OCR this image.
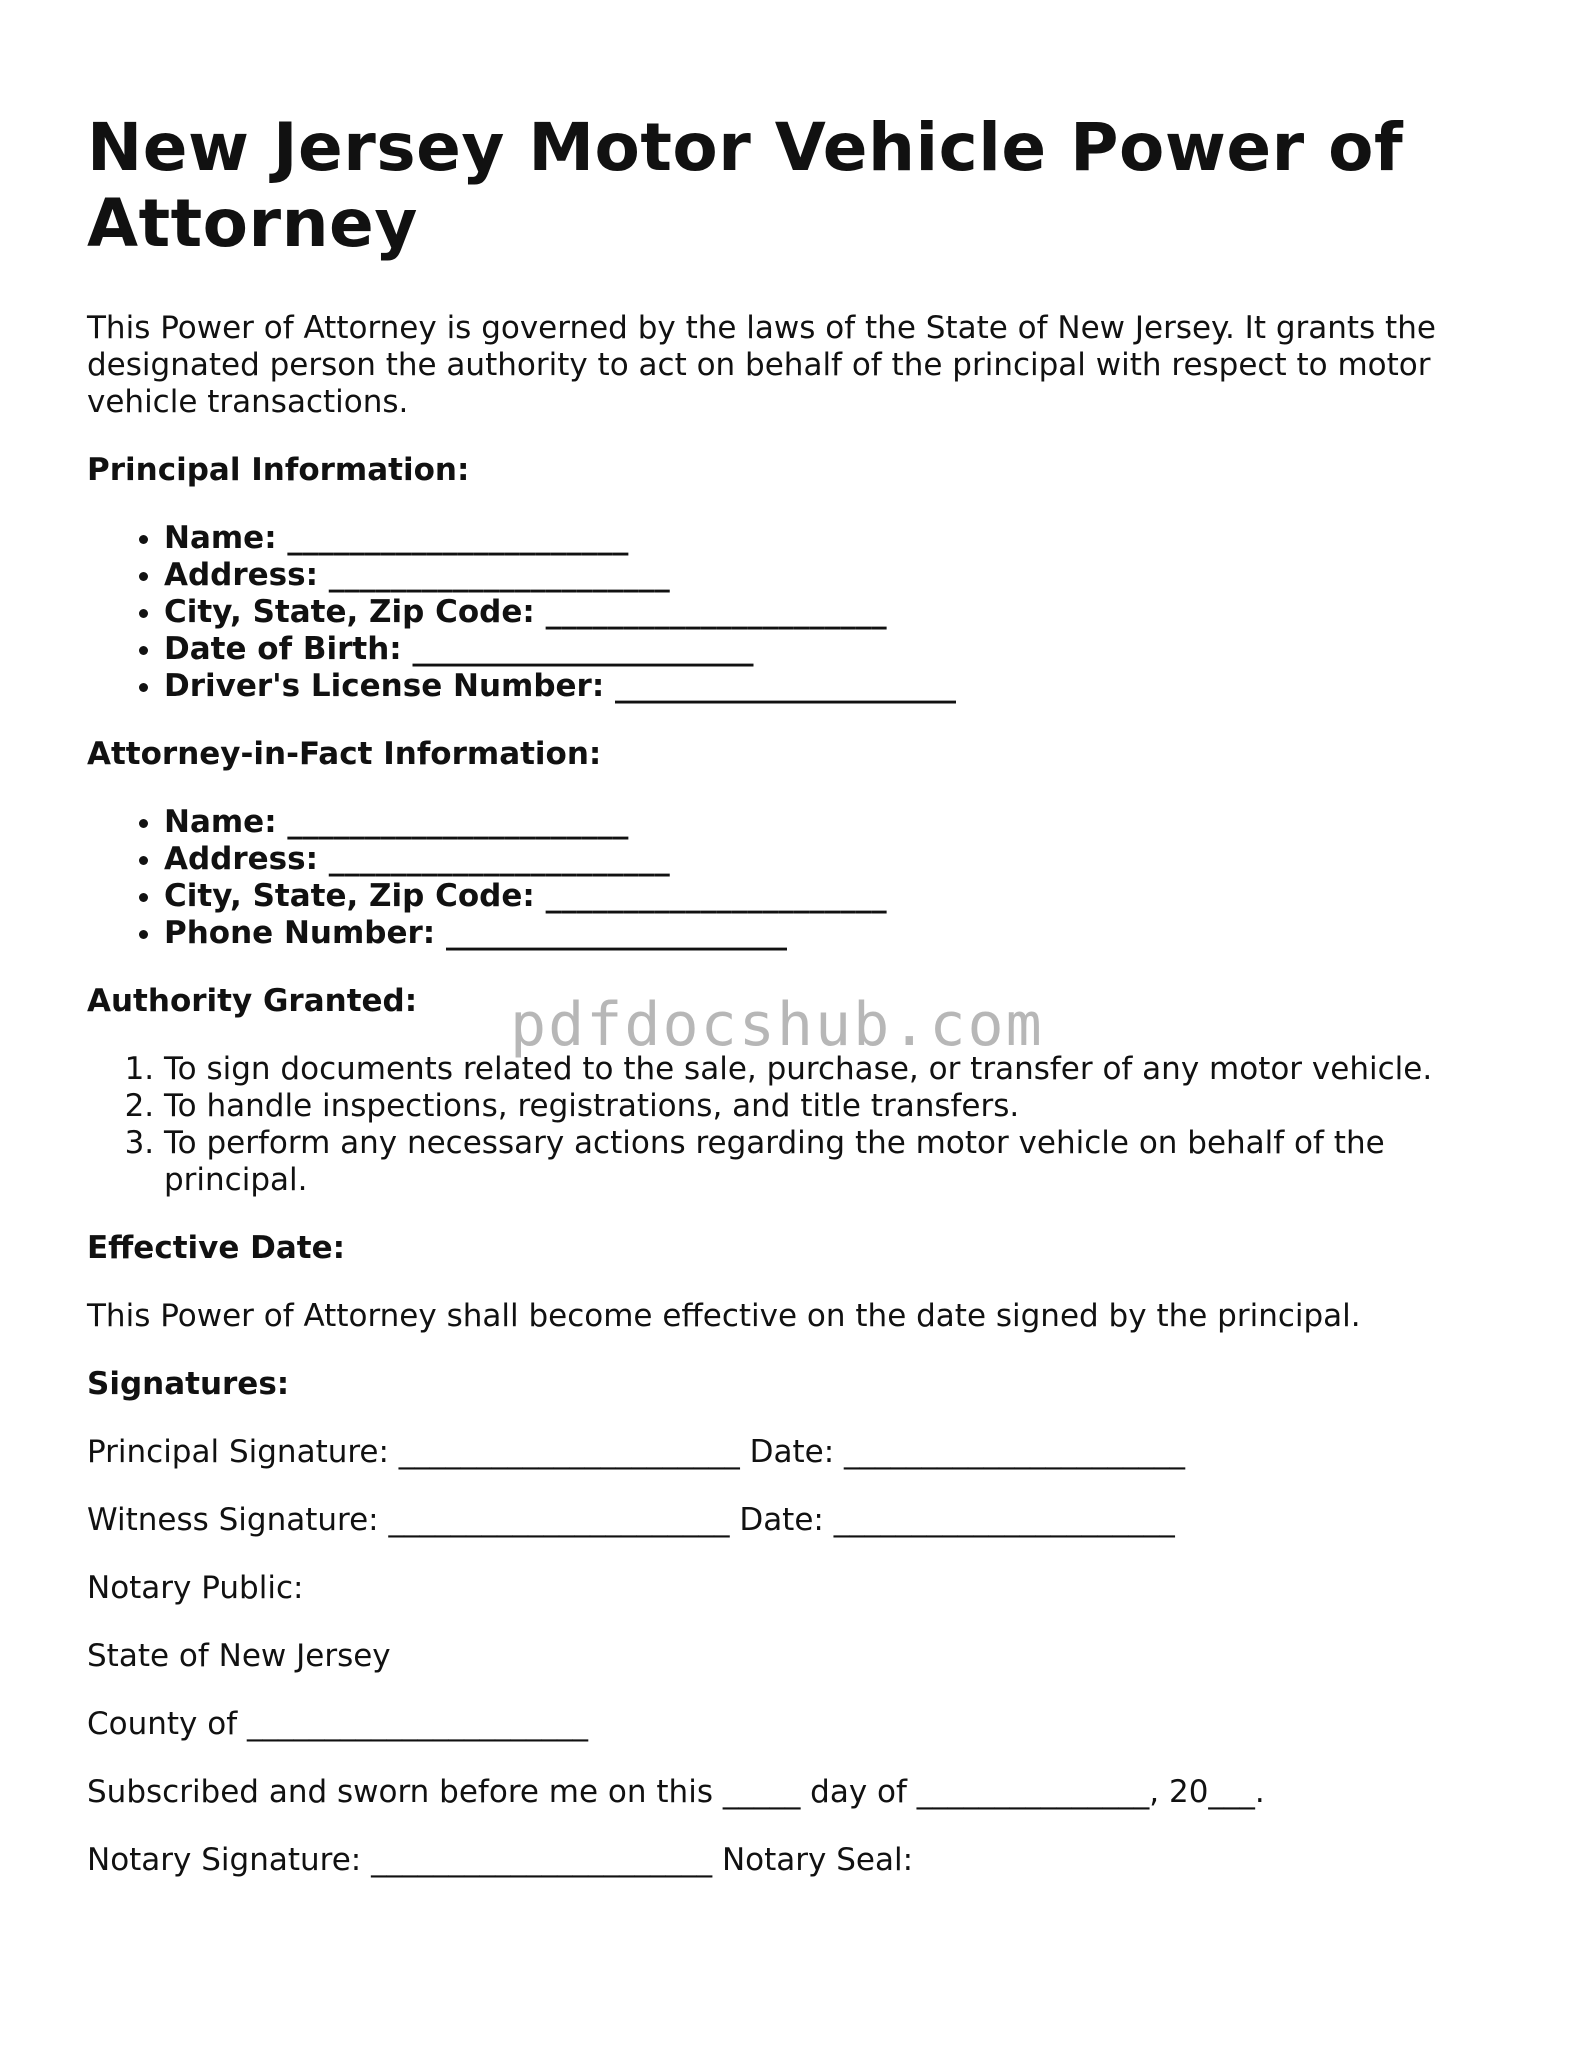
New Jersey Motor Vehicle Power of Attorney

This Power of Attorney is governed by the laws of the State of New Jersey. It grants the designated person the authority to act on behalf of the principal with respect to motor vehicle transactions.

Principal Information:

• Name: ______________________
• Address: ______________________
• City, State, Zip Code: ______________________
• Date of Birth: ______________________
• Driver's License Number: ______________________

Attorney-in-Fact Information:

• Name: ______________________
• Address: ______________________
• City, State, Zip Code: ______________________
• Phone Number: ______________________

Authority Granted:

1. To sign documents related to the sale, purchase, or transfer of any motor vehicle.
2. To handle inspections, registrations, and title transfers.
3. To perform any necessary actions regarding the motor vehicle on behalf of the principal.

Effective Date:

This Power of Attorney shall become effective on the date signed by the principal.

Signatures:

Principal Signature: ______________________ Date: ______________________

Witness Signature: ______________________ Date: ______________________

Notary Public:

State of New Jersey

County of ______________________

Subscribed and sworn before me on this _____ day of _______________, 20___.

Notary Signature: ______________________ Notary Seal:

pdfdocshub.com
